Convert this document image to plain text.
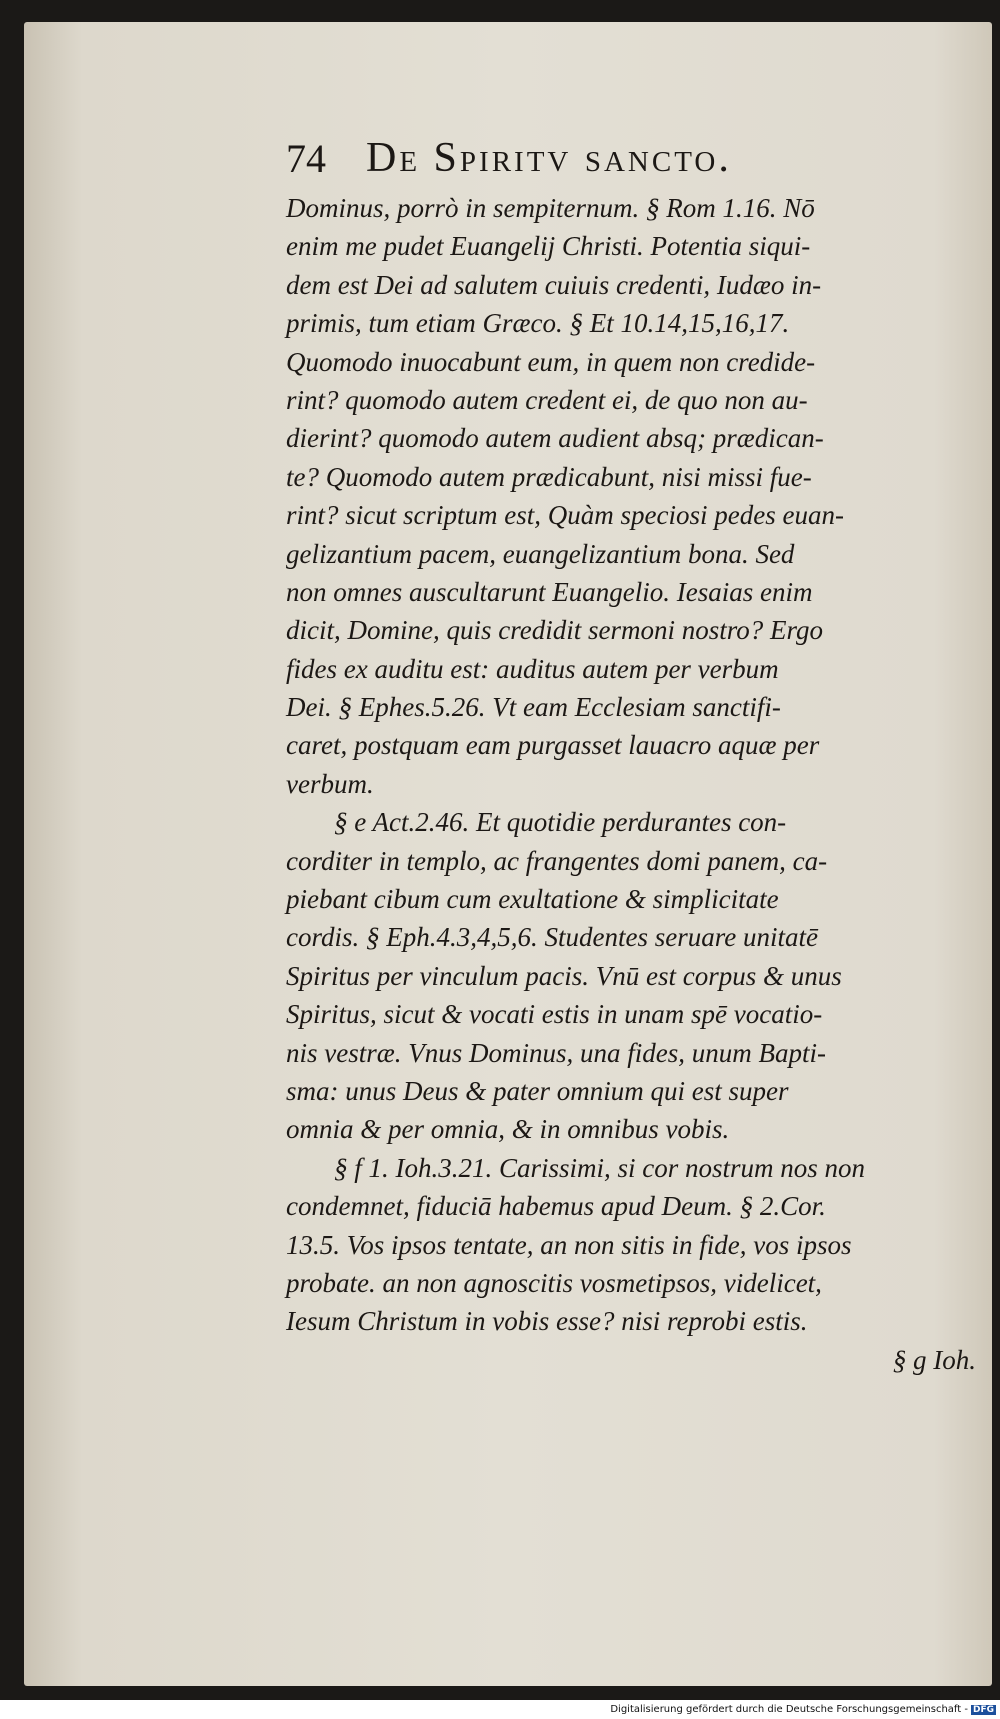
74 De Spiritv sancto.
Dominus, porrò in sempiternum. § Rom 1.16. Nō
enim me pudet Euangelij Christi. Potentia siqui-
dem est Dei ad salutem cuiuis credenti, Iudæo in-
primis, tum etiam Græco. § Et 10.14,15,16,17.
Quomodo inuocabunt eum, in quem non credide-
rint? quomodo autem credent ei, de quo non au-
dierint? quomodo autem audient absq; prædican-
te? Quomodo autem prædicabunt, nisi missi fue-
rint? sicut scriptum est, Quàm speciosi pedes euan-
gelizantium pacem, euangelizantium bona. Sed
non omnes auscultarunt Euangelio. Iesaias enim
dicit, Domine, quis credidit sermoni nostro? Ergo
fides ex auditu est: auditus autem per verbum
Dei. § Ephes.5.26. Vt eam Ecclesiam sanctifi-
caret, postquam eam purgasset lauacro aquæ per
verbum.
§ e Act.2.46. Et quotidie perdurantes con-
corditer in templo, ac frangentes domi panem, ca-
piebant cibum cum exultatione & simplicitate
cordis. § Eph.4.3,4,5,6. Studentes seruare unitatē
Spiritus per vinculum pacis. Vnū est corpus & unus
Spiritus, sicut & vocati estis in unam spē vocatio-
nis vestræ. Vnus Dominus, una fides, unum Bapti-
sma: unus Deus & pater omnium qui est super
omnia & per omnia, & in omnibus vobis.
§ f 1. Ioh.3.21. Carissimi, si cor nostrum nos non
condemnet, fiduciā habemus apud Deum. § 2.Cor.
13.5. Vos ipsos tentate, an non sitis in fide, vos ipsos
probate. an non agnoscitis vosmetipsos, videlicet,
Iesum Christum in vobis esse? nisi reprobi estis.
§ g Ioh.
Digitalisierung gefördert durch die Deutsche Forschungsgemeinschaft - DFG
